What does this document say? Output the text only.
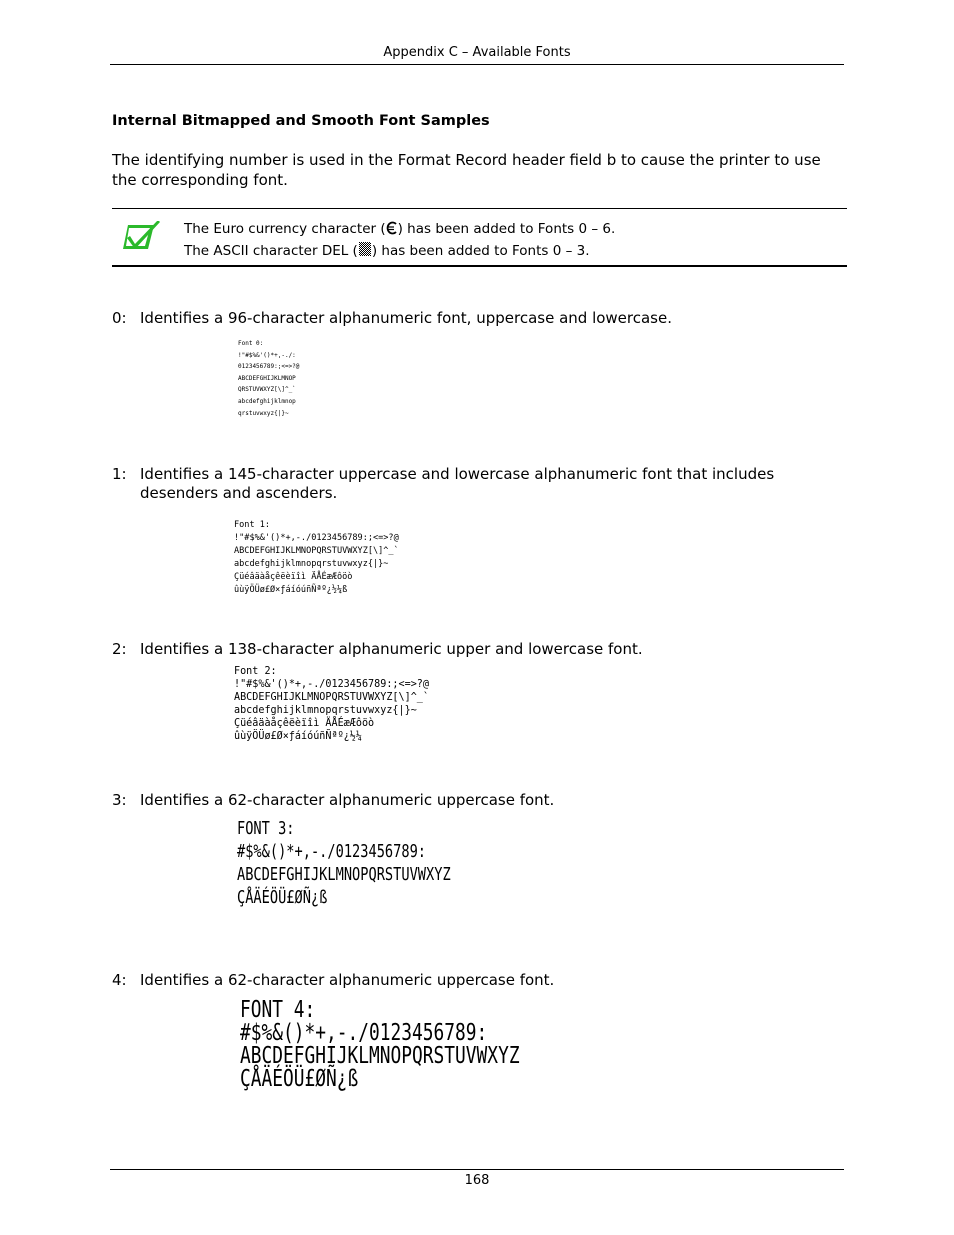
Appendix C – Available Fonts
Internal Bitmapped and Smooth Font Samples
The identifying number is used in the Format Record header field b to cause the printer to use the corresponding font.
The Euro currency character ( ) has been added to Fonts 0 – 6.
The ASCII character DEL ( ) has been added to Fonts 0 – 3.
0: Identifies a 96-character alphanumeric font, uppercase and lowercase.
Font 0:
!"#$%&'()*+,-./:
0123456789:;<=>?@
ABCDEFGHIJKLMNOP
QRSTUVWXYZ[\]^_`
abcdefghijklmnop
qrstuvwxyz{|}~
1: Identifies a 145-character uppercase and lowercase alphanumeric font that includes desenders and ascenders.
Font 1:
!"#$%&'()*+,-./0123456789:;<=>?@
ABCDEFGHIJKLMNOPQRSTUVWXYZ[\]^_`
abcdefghijklmnopqrstuvwxyz{|}~
Çüéâäàåçêëèïîì ÄÅÉæÆôöò
ûùÿÖÜø£Ø×ƒáíóúñÑªº¿½¼ß
2: Identifies a 138-character alphanumeric upper and lowercase font.
Font 2:
!"#$%&'()*+,-./0123456789:;<=>?@
ABCDEFGHIJKLMNOPQRSTUVWXYZ[\]^_`
abcdefghijklmnopqrstuvwxyz{|}~
Çüéâäàåçêëèïîì ÄÅÉæÆôöò
ûùÿÖÜø£Ø×ƒáíóúñÑªº¿½¼
3: Identifies a 62-character alphanumeric uppercase font.
FONT 3:
#$%&()*+,-./0123456789:
ABCDEFGHIJKLMNOPQRSTUVWXYZ
ÇÅÄÉÖÜ£ØÑ¿ß
4: Identifies a 62-character alphanumeric uppercase font.
FONT 4:
#$%&()*+,-./0123456789:
ABCDEFGHIJKLMNOPQRSTUVWXYZ
ÇÅÄÉÖÜ£ØÑ¿ß
168
